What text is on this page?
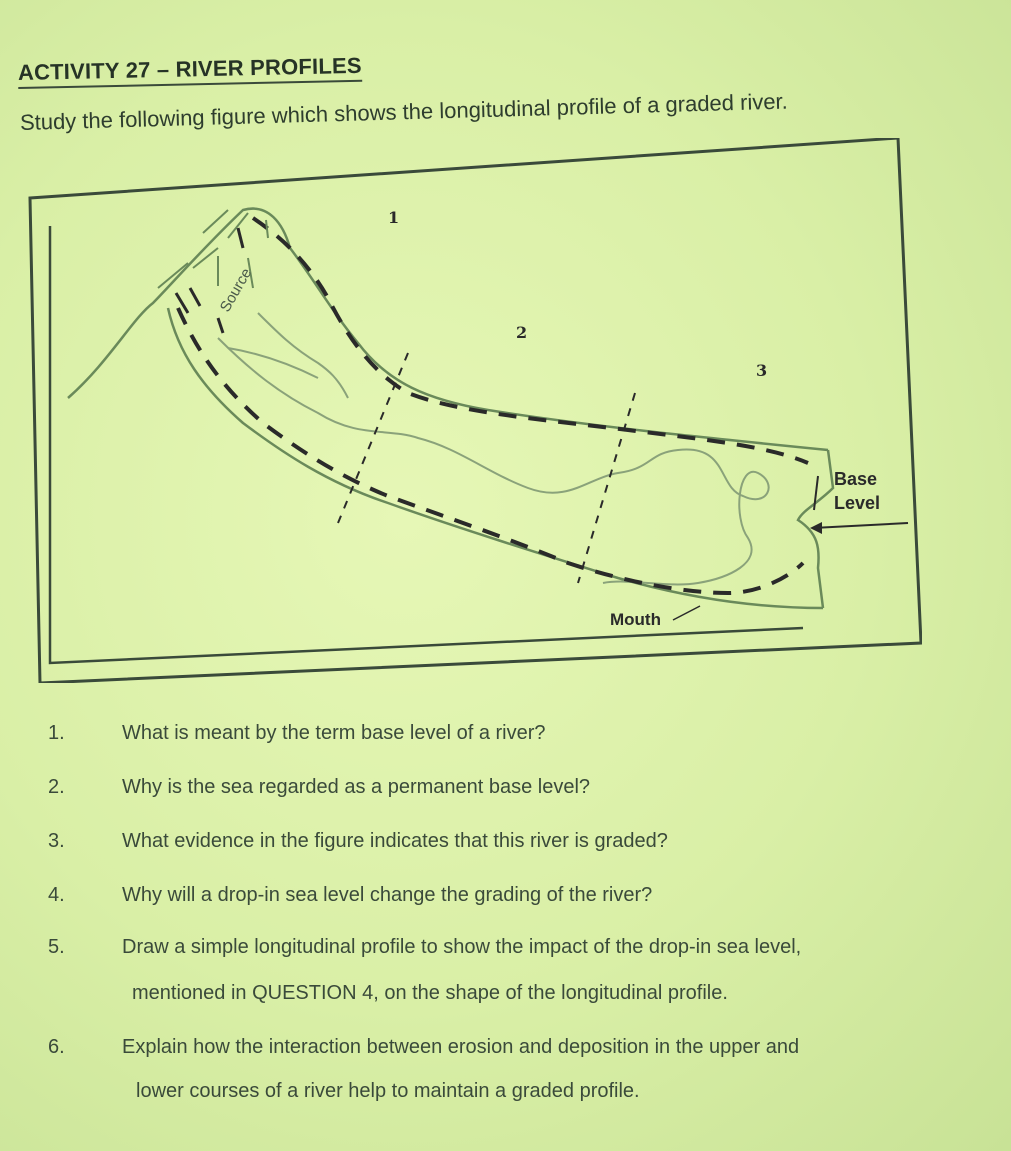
ACTIVITY 27 – RIVER PROFILES
Study the following figure which shows the longitudinal profile of a graded river.
Source
1
2
3
Base
Level
Mouth
1.	What is meant by the term base level of a river?
2.	Why is the sea regarded as a permanent base level?
3.	What evidence in the figure indicates that this river is graded?
4.	Why will a drop-in sea level change the grading of the river?
5.	Draw a simple longitudinal profile to show the impact of the drop-in sea level,
mentioned in QUESTION 4, on the shape of the longitudinal profile.
6.	Explain how the interaction between erosion and deposition in the upper and
lower courses of a river help to maintain a graded profile.
